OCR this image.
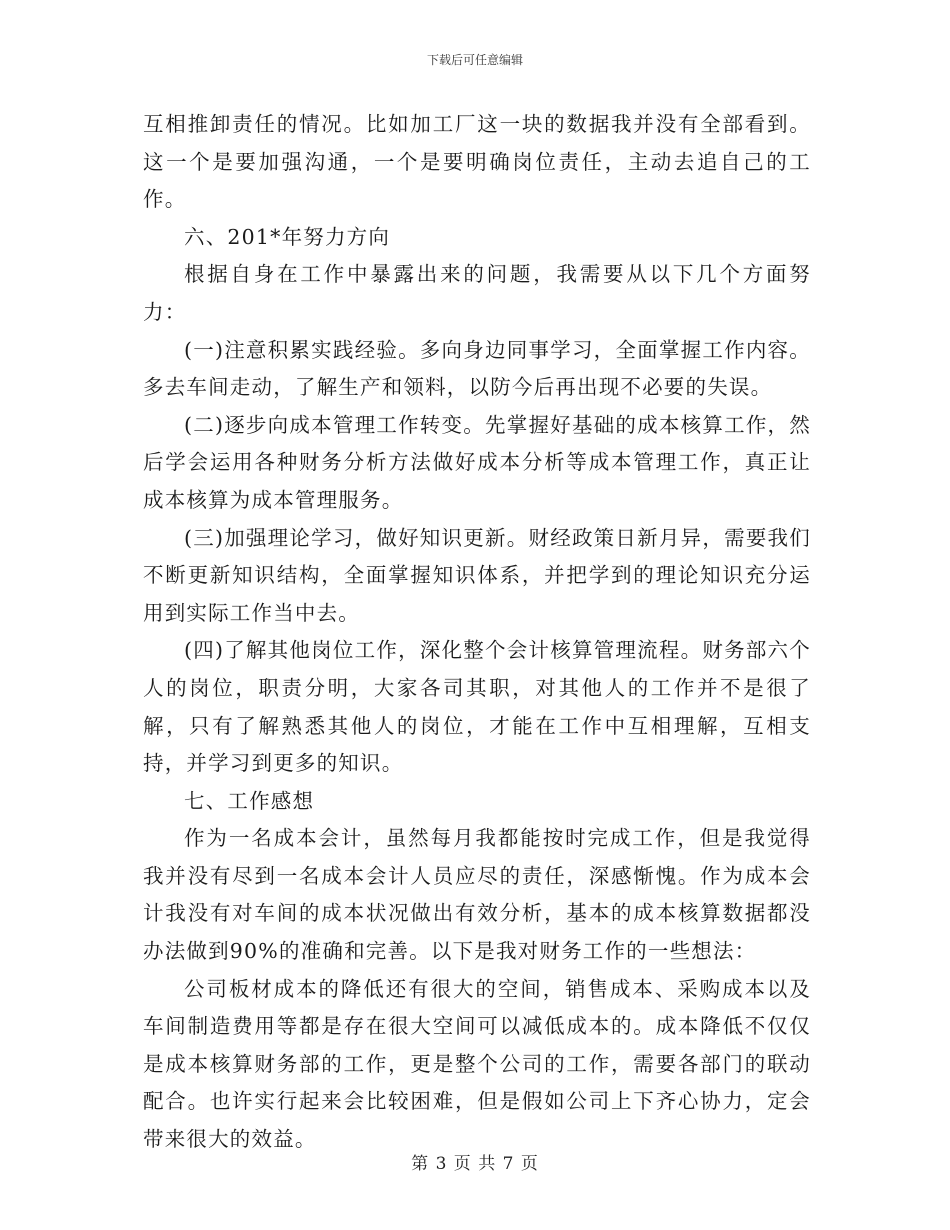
下载后可任意编辑

互相推卸责任的情况。比如加工厂这一块的数据我并没有全部看到。这一个是要加强沟通，一个是要明确岗位责任，主动去追自己的工作。

六、201*年努力方向

根据自身在工作中暴露出来的问题，我需要从以下几个方面努力：

(一)注意积累实践经验。多向身边同事学习，全面掌握工作内容。多去车间走动，了解生产和领料，以防今后再出现不必要的失误。

(二)逐步向成本管理工作转变。先掌握好基础的成本核算工作，然后学会运用各种财务分析方法做好成本分析等成本管理工作，真正让成本核算为成本管理服务。

(三)加强理论学习，做好知识更新。财经政策日新月异，需要我们不断更新知识结构，全面掌握知识体系，并把学到的理论知识充分运用到实际工作当中去。

(四)了解其他岗位工作，深化整个会计核算管理流程。财务部六个人的岗位，职责分明，大家各司其职，对其他人的工作并不是很了解，只有了解熟悉其他人的岗位，才能在工作中互相理解，互相支持，并学习到更多的知识。

七、工作感想

作为一名成本会计，虽然每月我都能按时完成工作，但是我觉得我并没有尽到一名成本会计人员应尽的责任，深感惭愧。作为成本会计我没有对车间的成本状况做出有效分析，基本的成本核算数据都没办法做到90%的准确和完善。以下是我对财务工作的一些想法：

公司板材成本的降低还有很大的空间，销售成本、采购成本以及车间制造费用等都是存在很大空间可以减低成本的。成本降低不仅仅是成本核算财务部的工作，更是整个公司的工作，需要各部门的联动配合。也许实行起来会比较困难，但是假如公司上下齐心协力，定会带来很大的效益。

第 3 页 共 7 页
